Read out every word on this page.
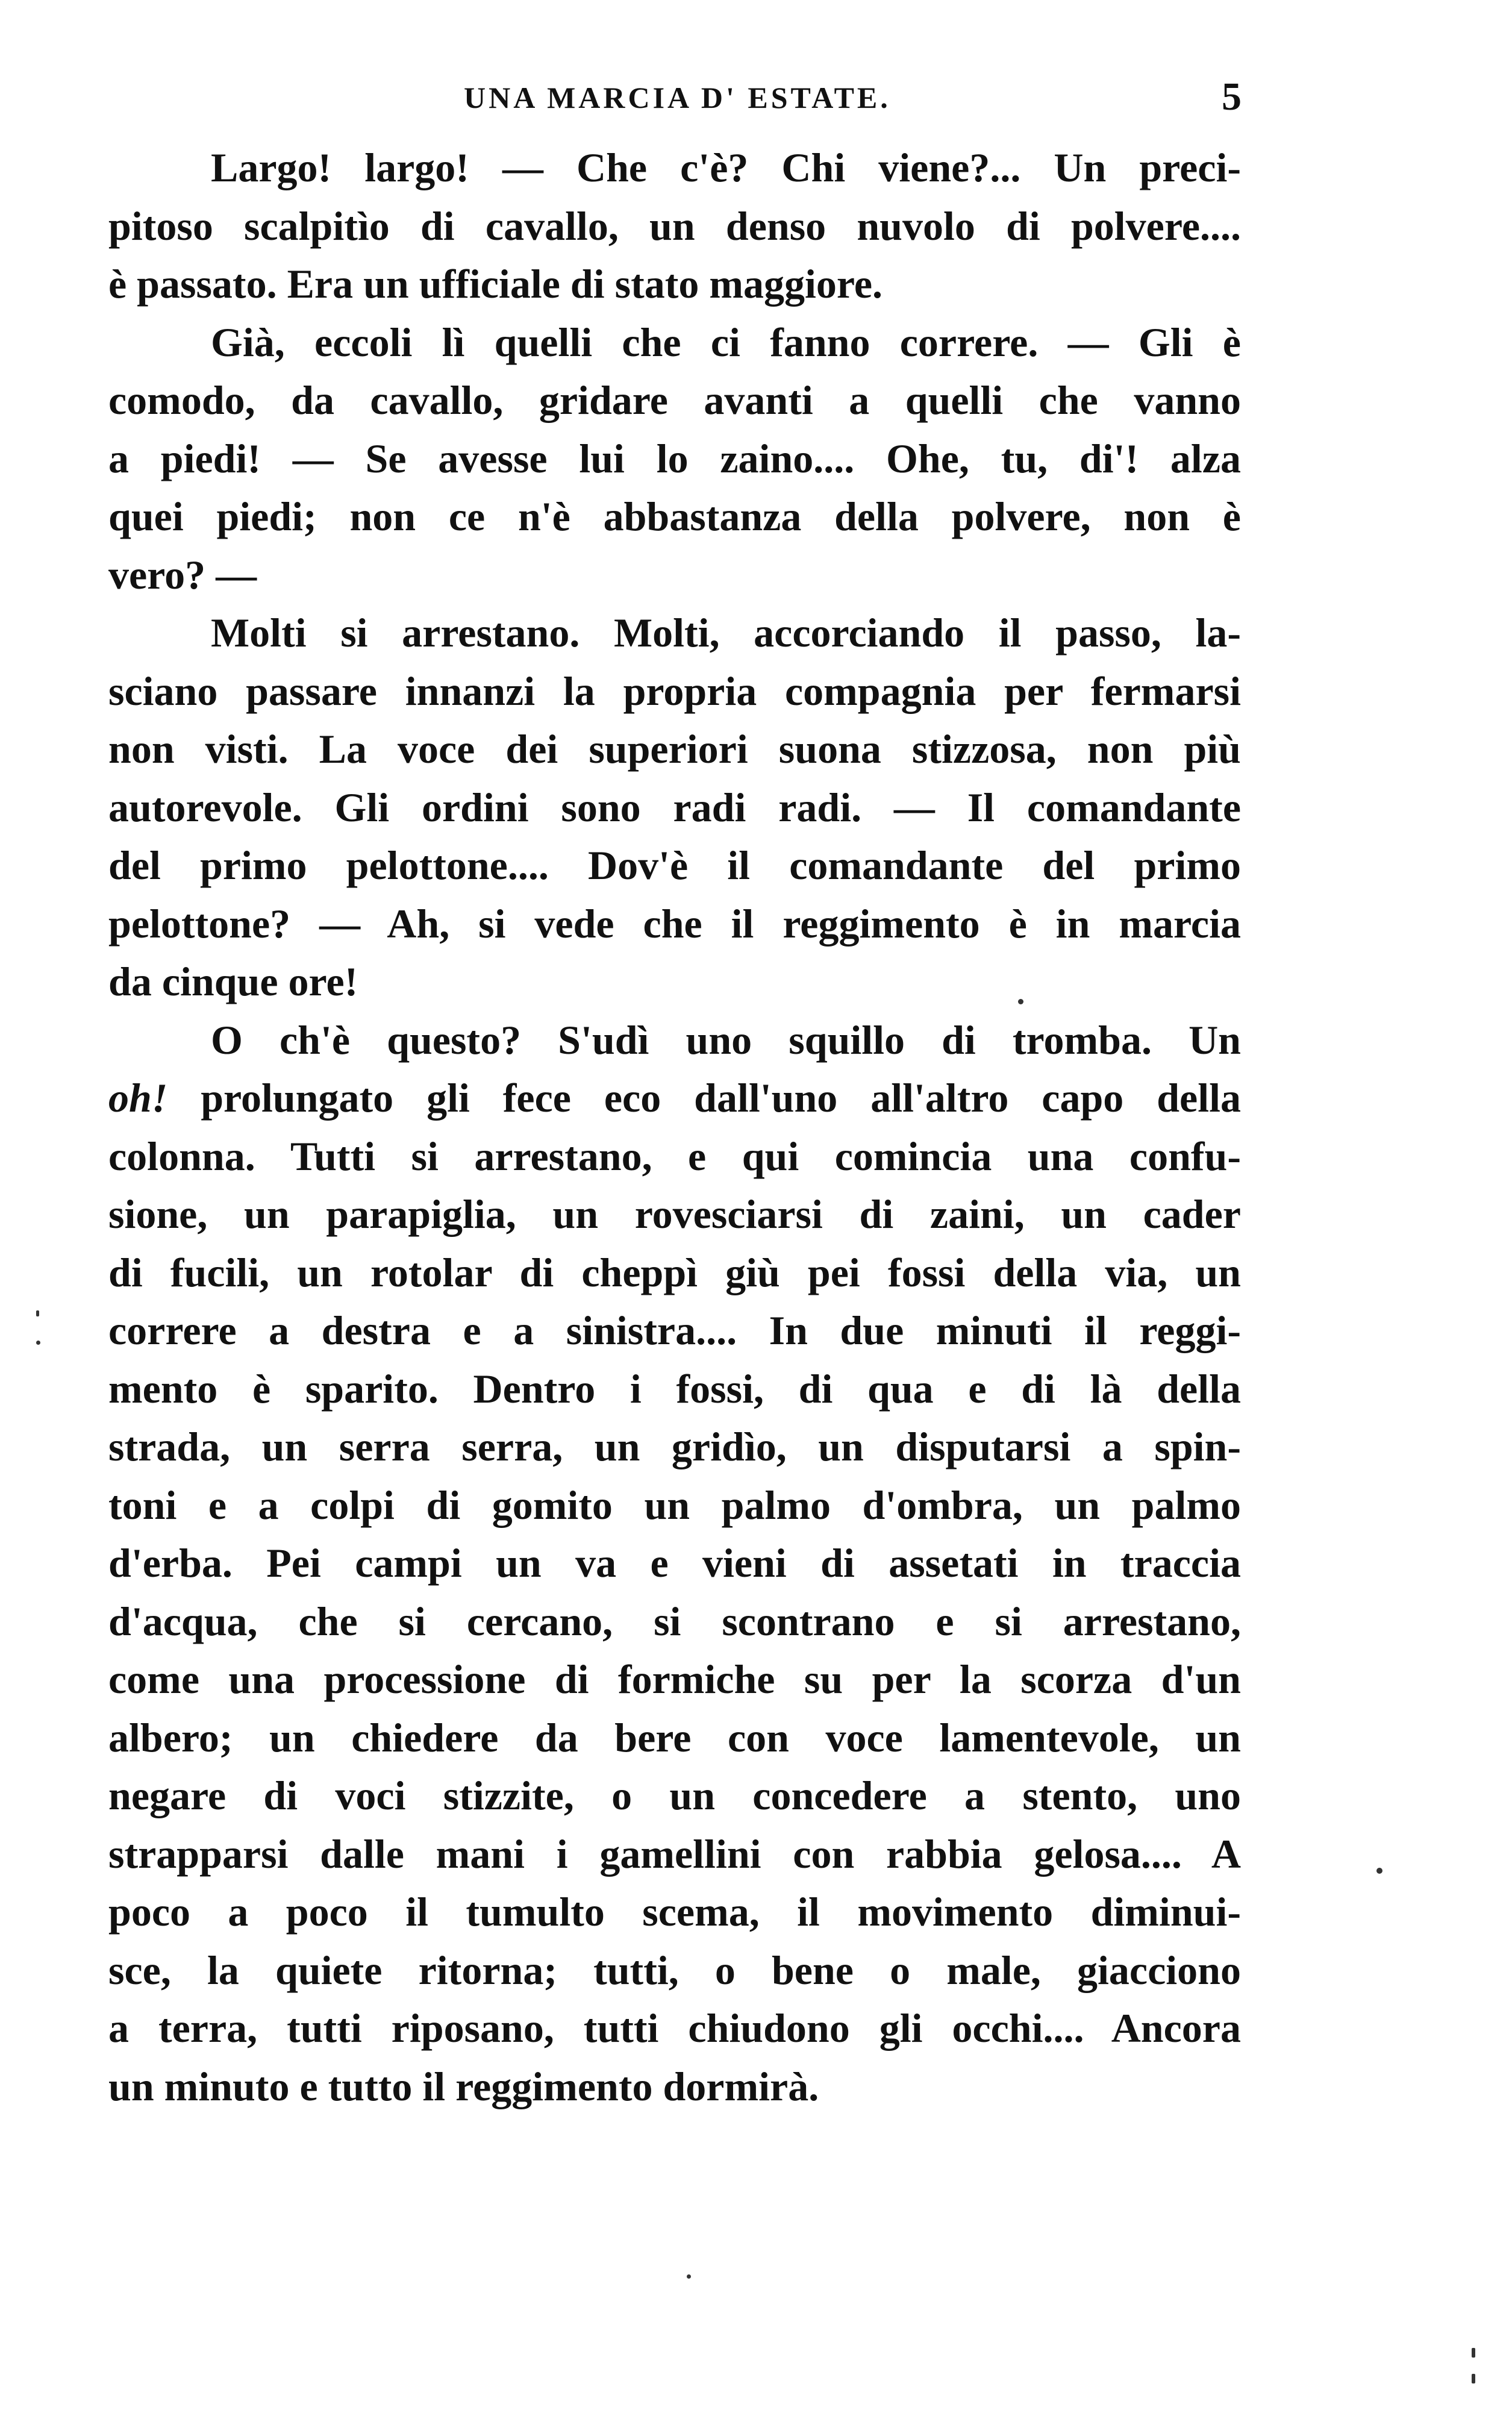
UNA MARCIA D' ESTATE.	5
Largo! largo! — Che c'è? Chi viene?... Un preci-
pitoso scalpitìo di cavallo, un denso nuvolo di polvere....
è passato. Era un ufficiale di stato maggiore.
Già, eccoli lì quelli che ci fanno correre. — Gli è
comodo, da cavallo, gridare avanti a quelli che vanno
a piedi! — Se avesse lui lo zaino.... Ohe, tu, di'! alza
quei piedi; non ce n'è abbastanza della polvere, non è
vero? —
Molti si arrestano. Molti, accorciando il passo, la-
sciano passare innanzi la propria compagnia per fermarsi
non visti. La voce dei superiori suona stizzosa, non più
autorevole. Gli ordini sono radi radi. — Il comandante
del primo pelottone.... Dov'è il comandante del primo
pelottone? — Ah, si vede che il reggimento è in marcia
da cinque ore!
O ch'è questo? S'udì uno squillo di tromba. Un
oh! prolungato gli fece eco dall'uno all'altro capo della
colonna. Tutti si arrestano, e qui comincia una confu-
sione, un parapiglia, un rovesciarsi di zaini, un cader
di fucili, un rotolar di cheppì giù pei fossi della via, un
correre a destra e a sinistra.... In due minuti il reggi-
mento è sparito. Dentro i fossi, di qua e di là della
strada, un serra serra, un gridìo, un disputarsi a spin-
toni e a colpi di gomito un palmo d'ombra, un palmo
d'erba. Pei campi un va e vieni di assetati in traccia
d'acqua, che si cercano, si scontrano e si arrestano,
come una processione di formiche su per la scorza d'un
albero; un chiedere da bere con voce lamentevole, un
negare di voci stizzite, o un concedere a stento, uno
strapparsi dalle mani i gamellini con rabbia gelosa.... A
poco a poco il tumulto scema, il movimento diminui-
sce, la quiete ritorna; tutti, o bene o male, giacciono
a terra, tutti riposano, tutti chiudono gli occhi.... Ancora
un minuto e tutto il reggimento dormirà.
